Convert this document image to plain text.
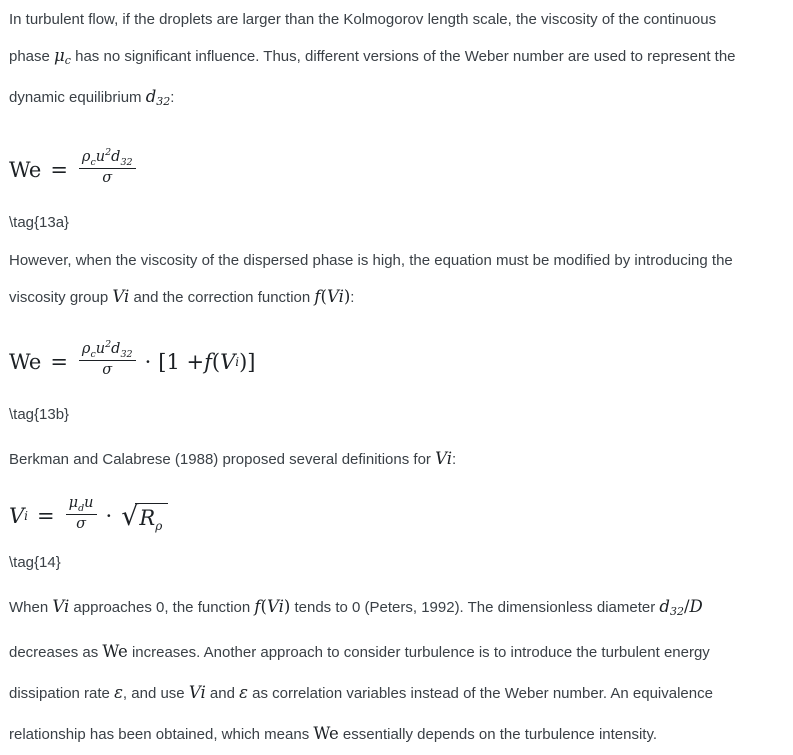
In turbulent flow, if the droplets are larger than the Kolmogorov length scale, the viscosity of the continuous
phase $\mu_c$ has no significant influence. Thus, different versions of the Weber number are used to represent the
dynamic equilibrium $d_{32}$:
$We = \frac{\rho_cu^2d_{32}}{\sigma}$
\tag{13a}
However, when the viscosity of the dispersed phase is high, the equation must be modified by introducing the
viscosity group Vi and the correction function f(Vi):
$We = \frac{\rho_cu^2d_{32}}{\sigma} \cdot [1 + f$ ( V i )]
\tag{13b}
Berkman and Calabrese (1988) proposed several definitions for Vi:
V $i = \frac{\mu_du}{\sigma}$ · √ $R_\rho$
\tag{14}
When Vi approaches 0, the function f(Vi) tends to 0 (Peters, 1992). The dimensionless diameter $d_{32}/D$
decreases as We increases. Another approach to consider turbulence is to introduce the turbulent energy
dissipation rate ε, and use Vi and ε as correlation variables instead of the Weber number. An equivalence
relationship has been obtained, which means We essentially depends on the turbulence intensity.
